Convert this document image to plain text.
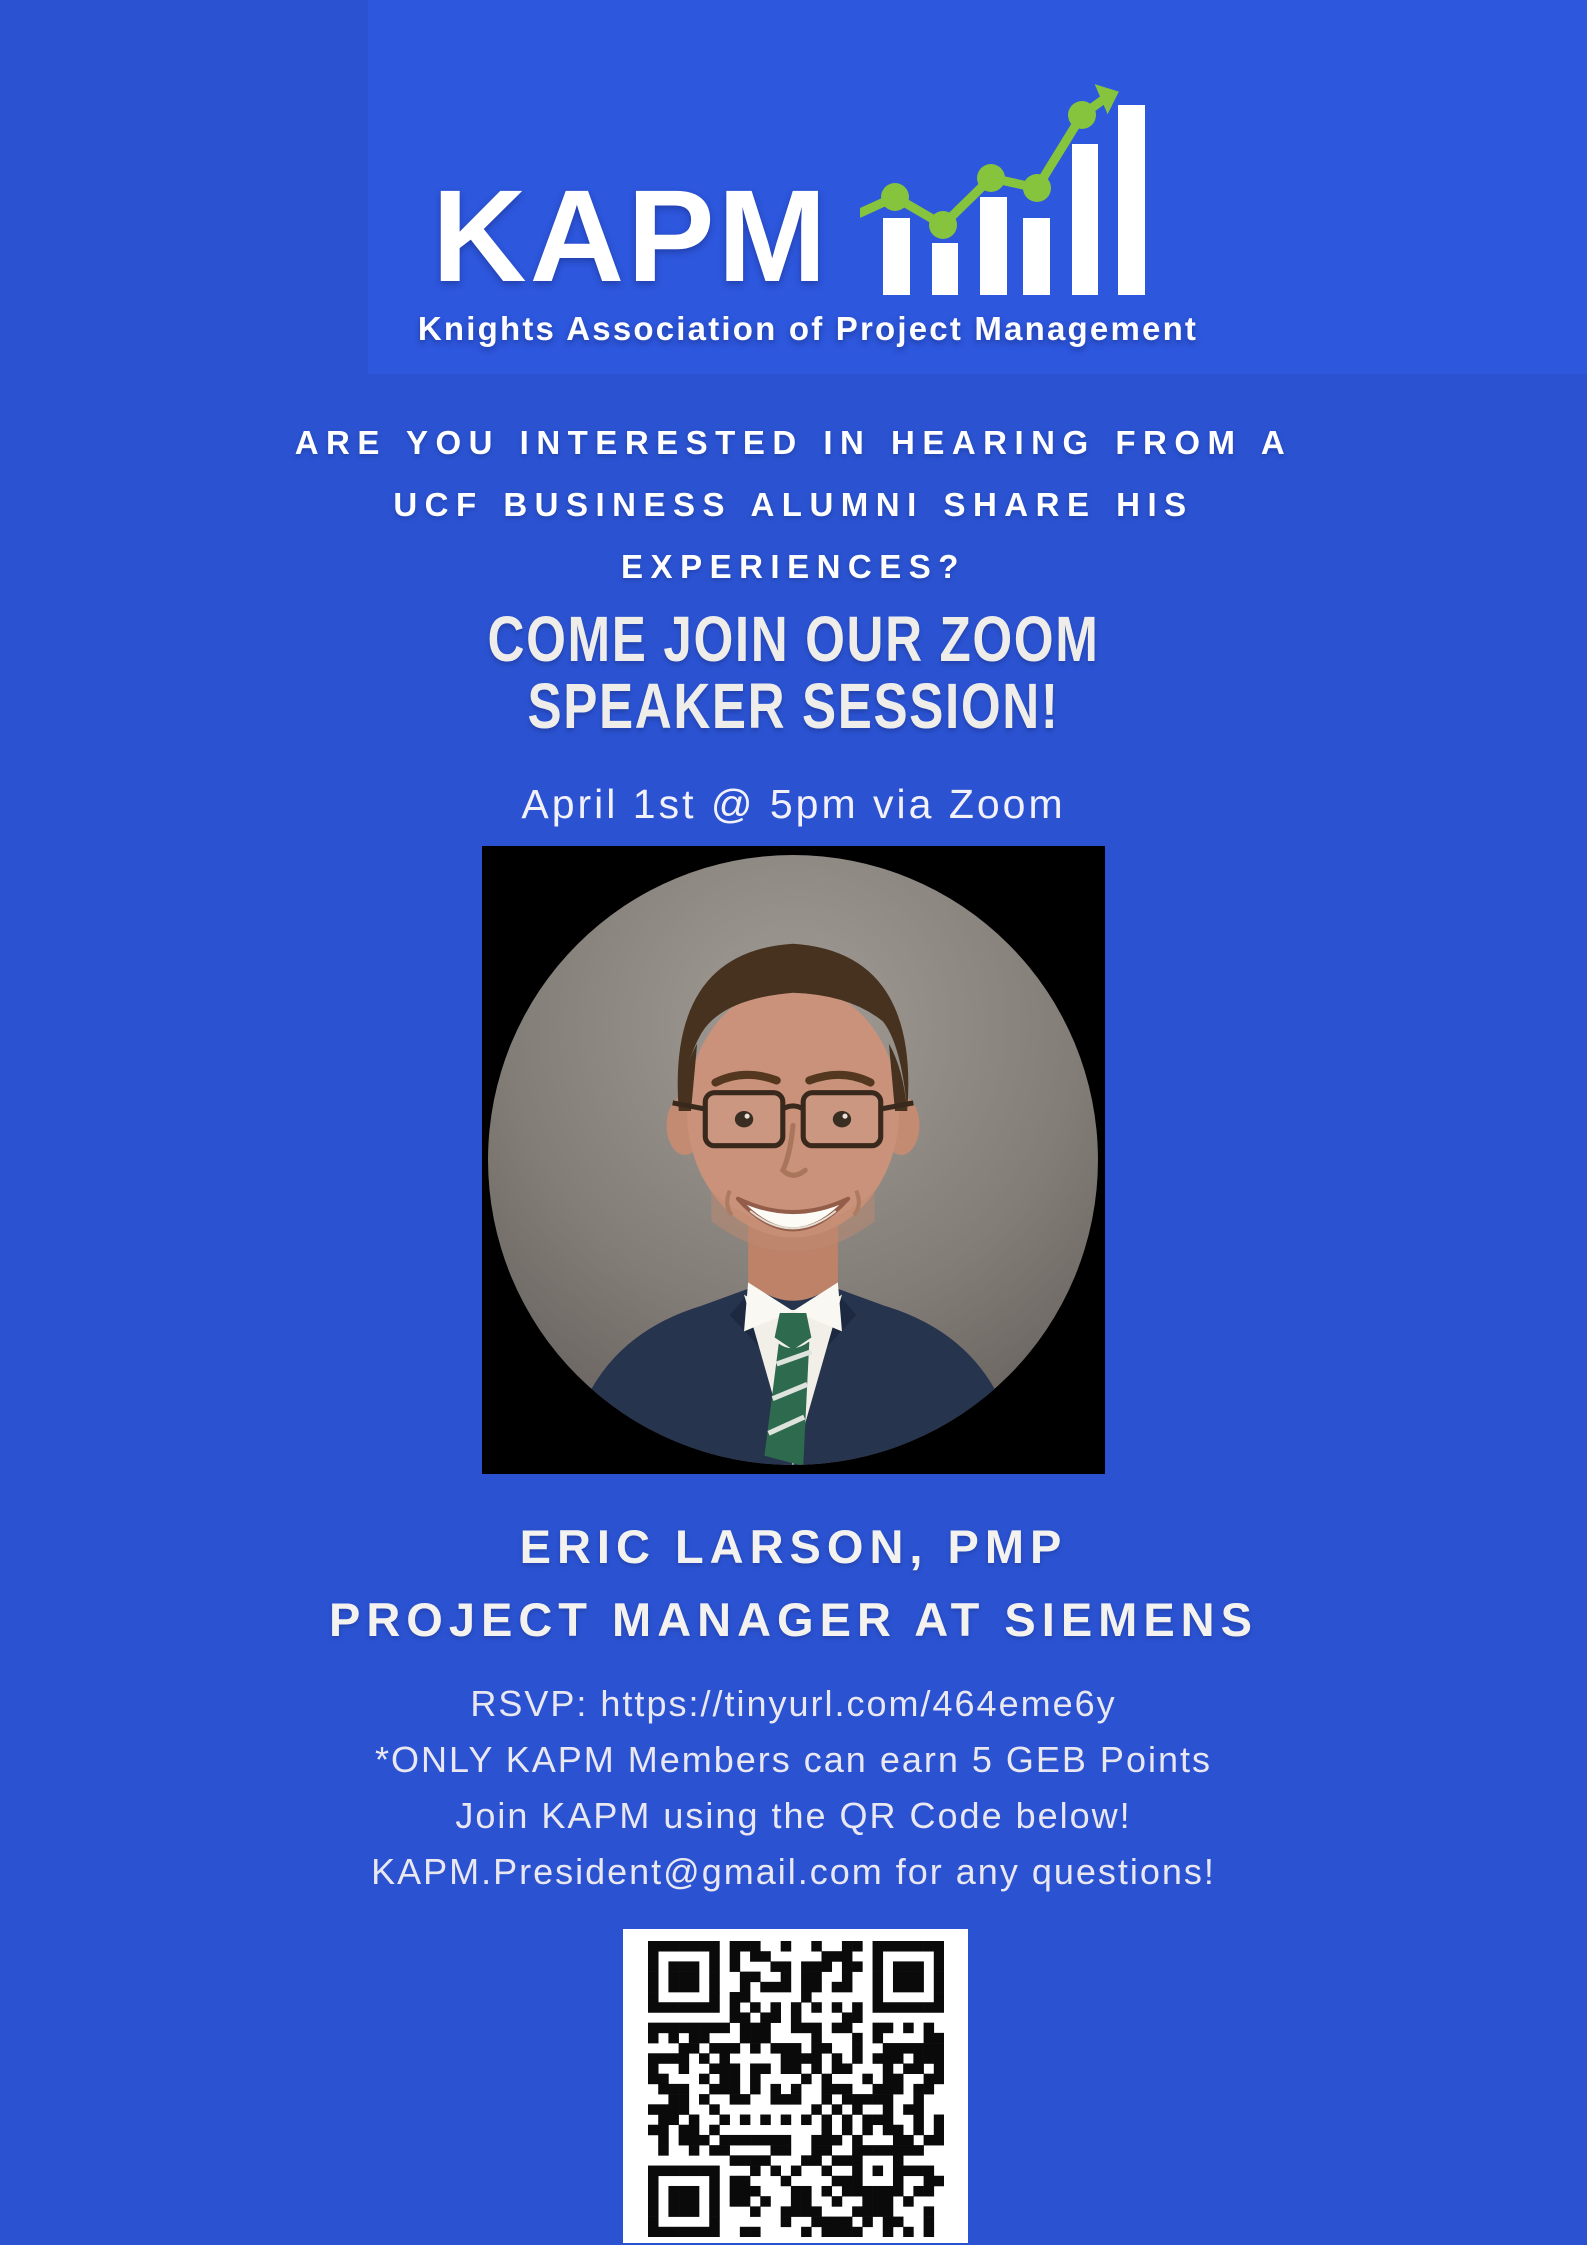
KAPM
Knights Association of Project Management
ARE YOU INTERESTED IN HEARING FROM A
UCF BUSINESS ALUMNI SHARE HIS
EXPERIENCES?
COME JOIN OUR ZOOM
SPEAKER SESSION!
April 1st @ 5pm via Zoom
ERIC LARSON, PMP
PROJECT MANAGER AT SIEMENS
RSVP: https://tinyurl.com/464eme6y
*ONLY KAPM Members can earn 5 GEB Points
Join KAPM using the QR Code below!
KAPM.President@gmail.com for any questions!
